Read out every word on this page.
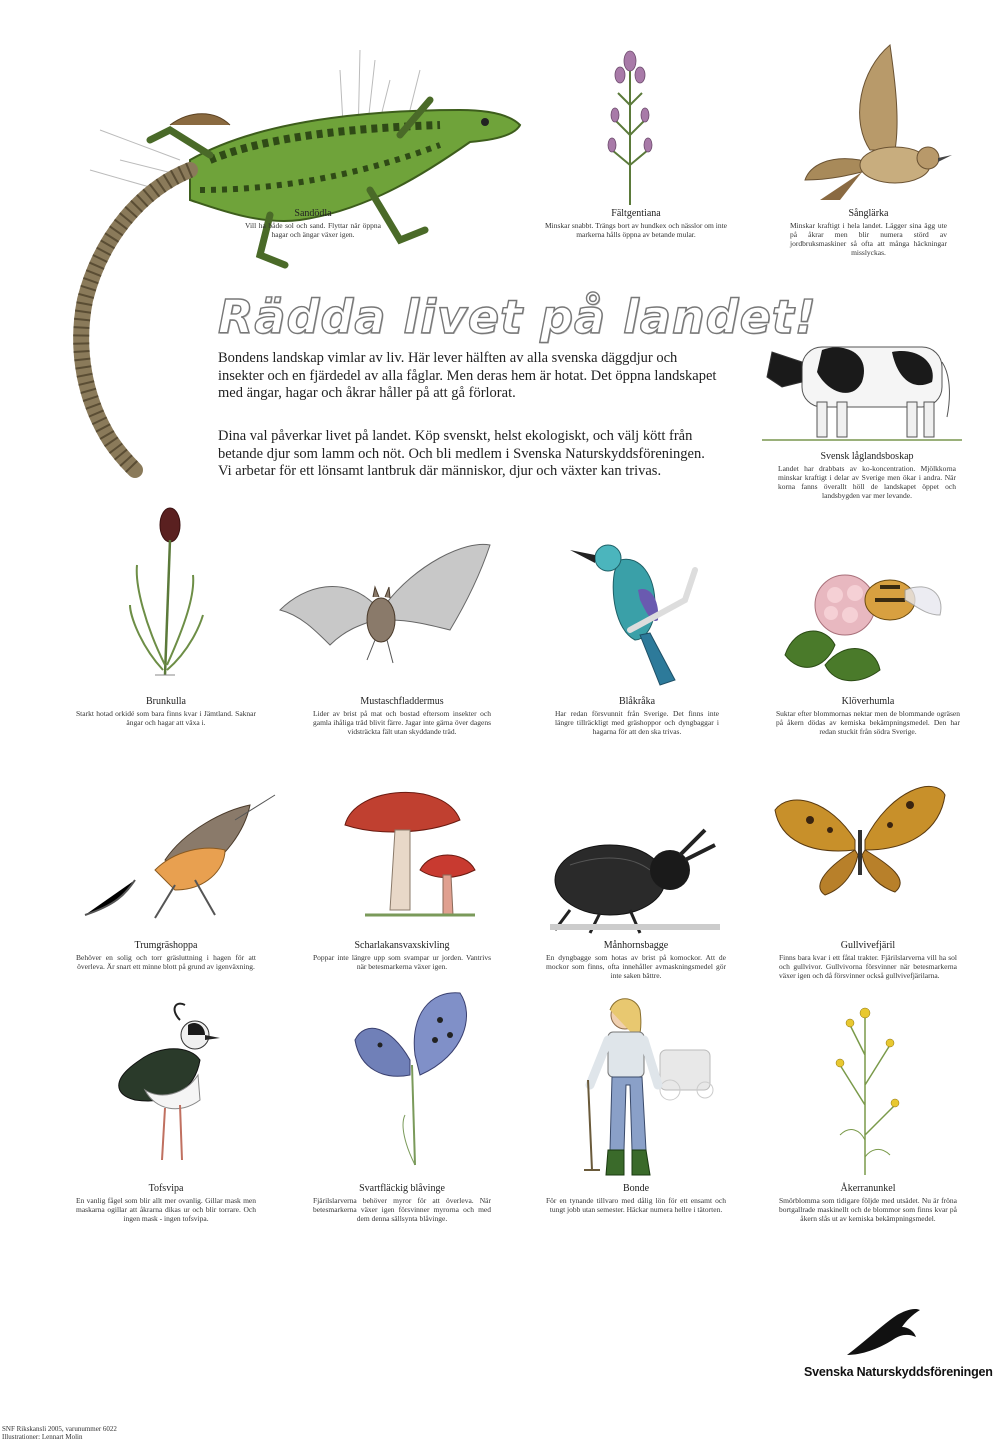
Rädda livet på landet!
Bondens landskap vimlar av liv. Här lever hälften av alla svenska däggdjur och insekter och en fjärdedel av alla fåglar. Men deras hem är hotat. Det öppna landskapet med ängar, hagar och åkrar håller på att gå förlorat.
Dina val påverkar livet på landet. Köp svenskt, helst ekologiskt, och välj kött från betande djur som lamm och nöt. Och bli medlem i Svenska Naturskyddsföreningen. Vi arbetar för ett lönsamt lantbruk där människor, djur och växter kan trivas.
Sandödla
Vill ha både sol och sand. Flyttar när öppna hagar och ängar växer igen.
Fältgentiana
Minskar snabbt. Trängs bort av hundkex och nässlor om inte markerna hålls öppna av betande mular.
Sånglärka
Minskar kraftigt i hela landet. Lägger sina ägg ute på åkrar men blir numera störd av jordbruksmaskiner så ofta att många häckningar misslyckas.
Svensk låglandsboskap
Landet har drabbats av ko-koncentration. Mjölkkorna minskar kraftigt i delar av Sverige men ökar i andra. När korna fanns överallt höll de landskapet öppet och landsbygden var mer levande.
Brunkulla
Starkt hotad orkidé som bara finns kvar i Jämtland. Saknar ängar och hagar att växa i.
Mustaschfladdermus
Lider av brist på mat och bostad eftersom insekter och gamla ihåliga träd blivit färre. Jagar inte gärna över dagens vidsträckta fält utan skyddande träd.
Blåkråka
Har redan försvunnit från Sverige. Det finns inte längre tillräckligt med gräshoppor och dyngbaggar i hagarna för att den ska trivas.
Klöverhumla
Suktar efter blommornas nektar men de blommande ogräsen på åkern dödas av kemiska bekämpningsmedel. Den har redan stuckit från södra Sverige.
Trumgräshoppa
Behöver en solig och torr gräsluttning i hagen för att överleva. Är snart ett minne blott på grund av igenväxning.
Scharlakansvaxskivling
Poppar inte längre upp som svampar ur jorden. Vantrivs när betesmarkerna växer igen.
Månhornsbagge
En dyngbagge som hotas av brist på komockor. Att de mockor som finns, ofta innehåller avmaskningsmedel gör inte saken bättre.
Gullvivefjäril
Finns bara kvar i ett fåtal trakter. Fjärilslarverna vill ha sol och gullvivor. Gullvivorna försvinner när betesmarkerna växer igen och då försvinner också gullvivefjärilarna.
Tofsvipa
En vanlig fågel som blir allt mer ovanlig. Gillar mask men maskarna ogillar att åkrarna dikas ur och blir torrare. Och ingen mask - ingen tofsvipa.
Svartfläckig blåvinge
Fjärilslarverna behöver myror för att överleva. När betesmarkerna växer igen försvinner myrorna och med dem denna sällsynta blåvinge.
Bonde
För en tynande tillvaro med dålig lön för ett ensamt och tungt jobb utan semester. Häckar numera hellre i tätorten.
Åkerranunkel
Smörblomma som tidigare följde med utsädet. Nu är fröna bortgallrade maskinellt och de blommor som finns kvar på åkern slås ut av kemiska bekämpningsmedel.
Svenska Naturskyddsföreningen
SNF Rikskansli 2005, varunummer 6022
Illustrationer: Lennart Molin
